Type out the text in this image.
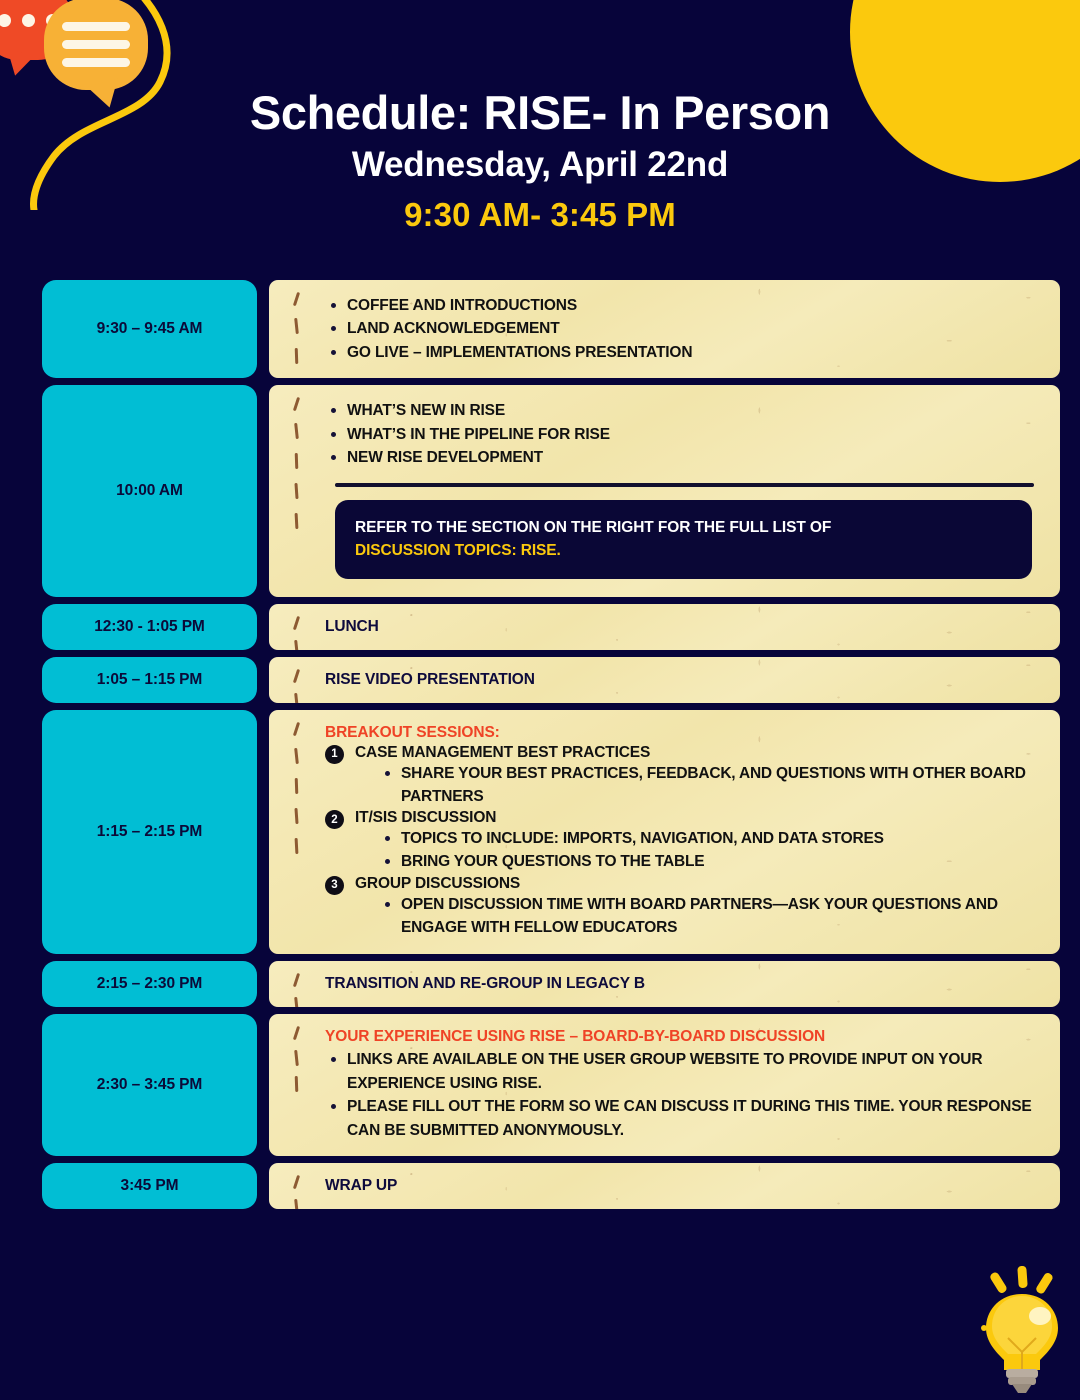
Schedule: RISE- In Person
Wednesday, April 22nd
9:30 AM- 3:45 PM
9:30 – 9:45 AM
COFFEE AND INTRODUCTIONS
LAND ACKNOWLEDGEMENT
GO LIVE – IMPLEMENTATIONS PRESENTATION
10:00 AM
WHAT’S NEW IN RISE
WHAT’S IN THE PIPELINE FOR RISE
NEW RISE DEVELOPMENT
REFER TO THE SECTION ON THE RIGHT FOR THE FULL LIST OF
DISCUSSION TOPICS: RISE.
12:30 - 1:05 PM	LUNCH
1:05 – 1:15 PM	RISE VIDEO PRESENTATION
1:15 – 2:15 PM
BREAKOUT SESSIONS:
1	CASE MANAGEMENT BEST PRACTICES
SHARE YOUR BEST PRACTICES, FEEDBACK, AND QUESTIONS WITH OTHER BOARD PARTNERS
2	IT/SIS DISCUSSION
TOPICS TO INCLUDE: IMPORTS, NAVIGATION, AND DATA STORES
BRING YOUR QUESTIONS TO THE TABLE
3	GROUP DISCUSSIONS
OPEN DISCUSSION TIME WITH BOARD PARTNERS—ASK YOUR QUESTIONS AND ENGAGE WITH FELLOW EDUCATORS
2:15 – 2:30 PM	TRANSITION AND RE-GROUP IN LEGACY B
2:30 – 3:45 PM
YOUR EXPERIENCE USING RISE – BOARD-BY-BOARD DISCUSSION
LINKS ARE AVAILABLE ON THE USER GROUP WEBSITE TO PROVIDE INPUT ON YOUR EXPERIENCE USING RISE.
PLEASE FILL OUT THE FORM SO WE CAN DISCUSS IT DURING THIS TIME. YOUR RESPONSE CAN BE SUBMITTED ANONYMOUSLY.
3:45 PM	WRAP UP
